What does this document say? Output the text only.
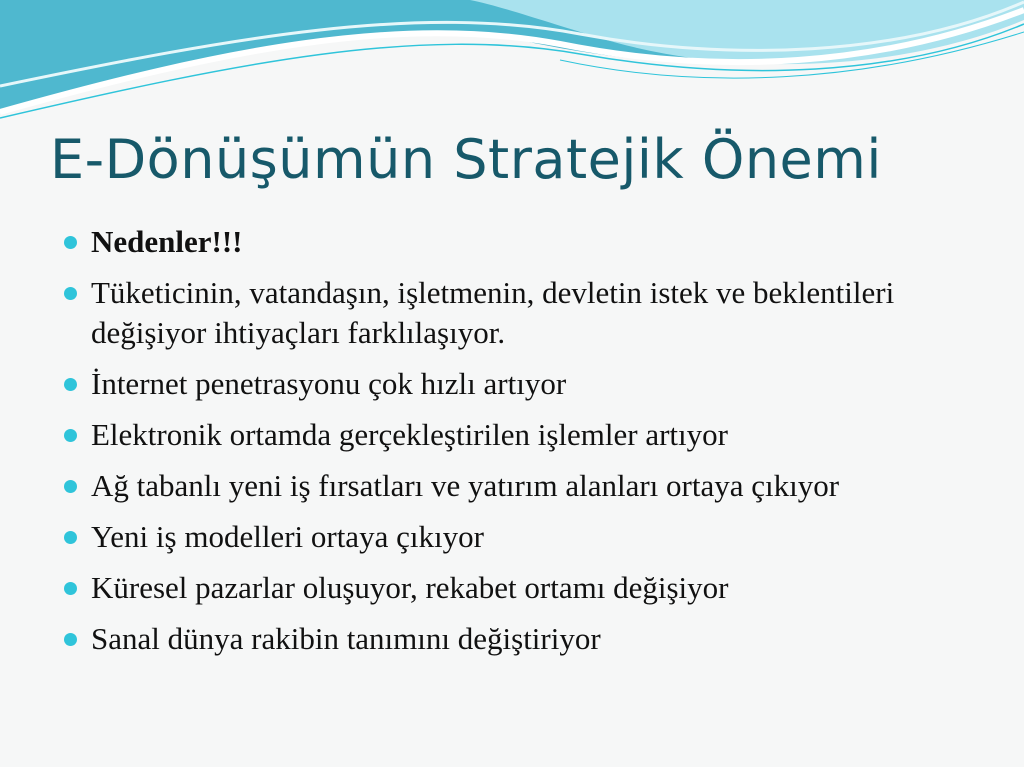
E-Dönüşümün Stratejik Önemi
Nedenler!!!
Tüketicinin, vatandaşın, işletmenin, devletin istek ve beklentileri değişiyor ihtiyaçları farklılaşıyor.
İnternet penetrasyonu çok hızlı artıyor
Elektronik ortamda gerçekleştirilen işlemler artıyor
Ağ tabanlı yeni iş fırsatları ve yatırım alanları ortaya çıkıyor
Yeni iş modelleri ortaya çıkıyor
Küresel pazarlar oluşuyor, rekabet ortamı değişiyor
Sanal dünya rakibin tanımını değiştiriyor
